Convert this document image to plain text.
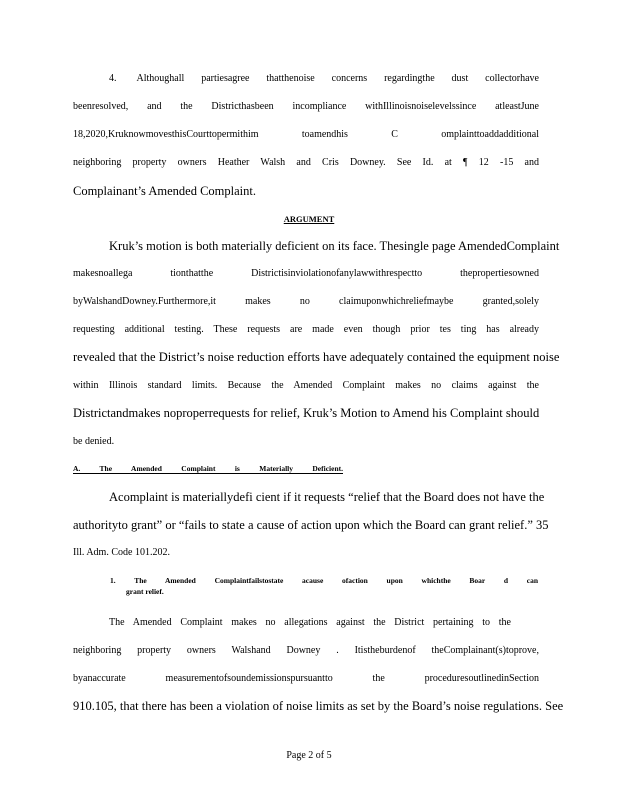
4.  Althoughall partiesagree thatthenoise concerns regardingthe dust collectorhave
beenresolved, and the Districthasbeen incompliance withIllinoisnoiselevelssince atleastJune
18,2020,KruknowmovesthisCourttopermithim toamendhis C omplainttoaddadditional
neighboring property owners Heather Walsh and Cris Downey. See Id. at ¶ 12 -15 and
Complainant’s Amended Complaint.
ARGUMENT
Kruk’s motion is both materially deficient on its face. Thesingle page AmendedComplaint
makesnoallega tionthatthe Districtisinviolationofanylawwithrespectto thepropertiesowned
byWalshandDowney.Furthermore,it makes no claimuponwhichreliefmaybe granted,solely
requesting additional testing. These requests are made even though prior tes ting has already
revealed that the District’s noise reduction efforts have adequately contained the equipment noise
within Illinois standard limits. Because the Amended Complaint makes no claims against the
Districtandmakes noproperrequests for relief, Kruk’s Motion to Amend his Complaint should
be denied.
A. The Amended Complaint is Materially Deficient.
Acomplaint is materiallydefi cient if it requests “relief that the Board does not have the
authorityto grant” or “fails to state a cause of action upon which the Board can grant relief.” 35
Ill. Adm. Code 101.202.
1. The Amended Complaintfailstostate acause ofaction upon whichthe Boar d can
grant relief.
The Amended Complaint makes no allegations against the District pertaining to the
neighboring property owners Walshand Downey . Itistheburdenof theComplainant(s)toprove,
byanaccurate measurementofsoundemissionspursuantto the proceduresoutlinedinSection
910.105, that there has been a violation of noise limits as set by the Board’s noise regulations. See
Page 2 of 5
